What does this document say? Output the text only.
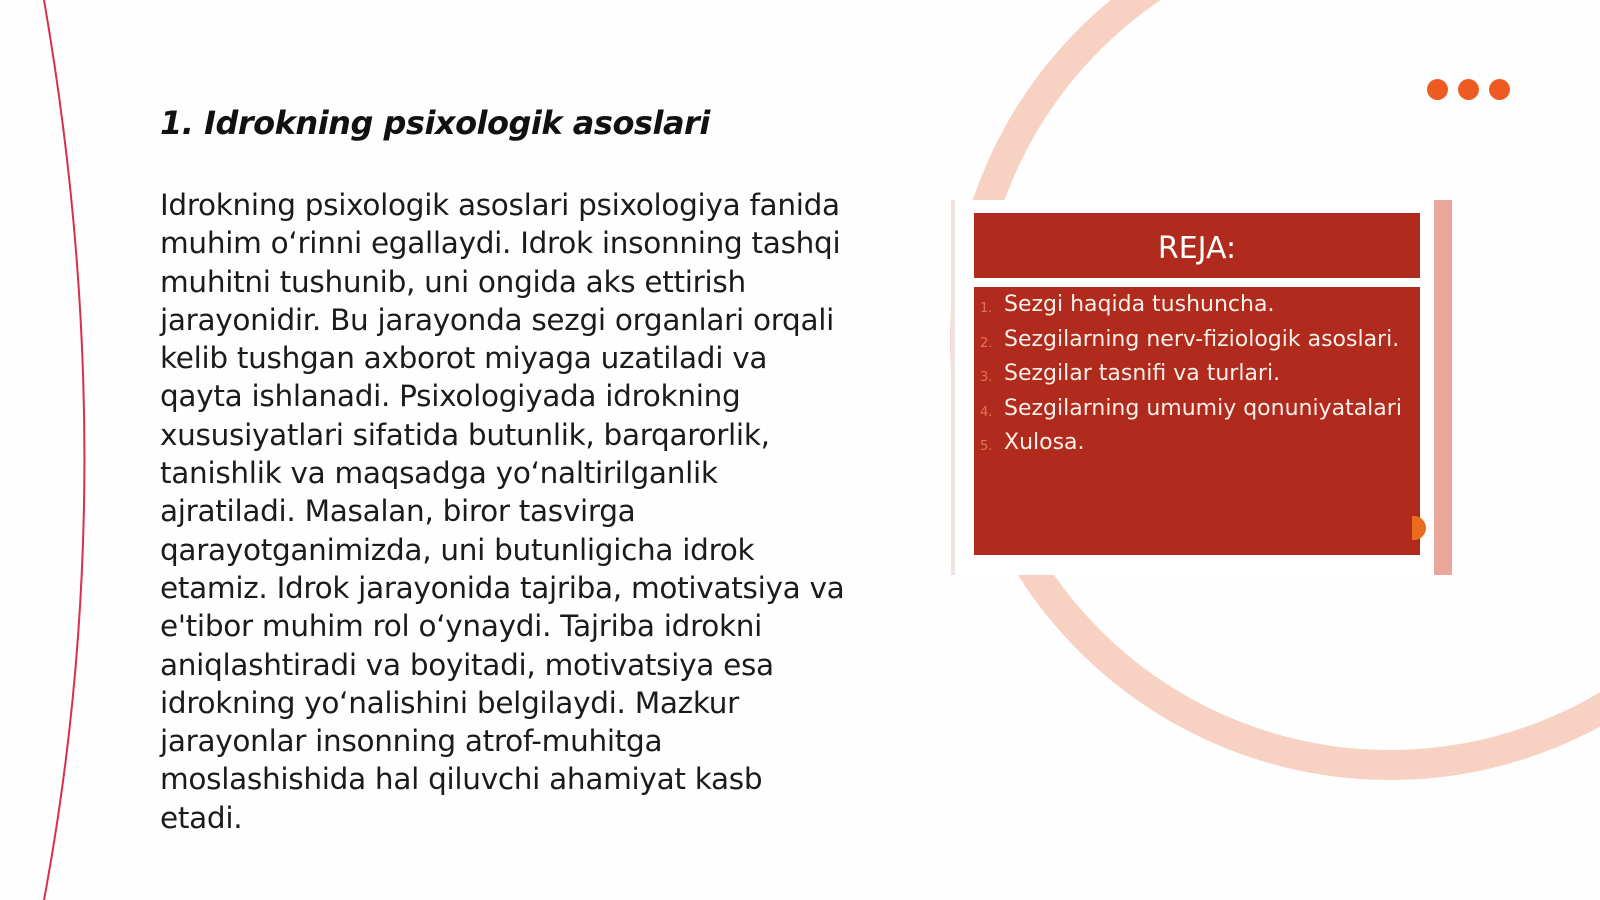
1. Idrokning psixologik asoslari

Idrokning psixologik asoslari psixologiya fanida muhim o‘rinni egallaydi. Idrok insonning tashqi muhitni tushunib, uni ongida aks ettirish jarayonidir. Bu jarayonda sezgi organlari orqali kelib tushgan axborot miyaga uzatiladi va qayta ishlanadi. Psixologiyada idrokning xususiyatlari sifatida butunlik, barqarorlik, tanishlik va maqsadga yo‘naltirilganlik ajratiladi. Masalan, biror tasvirga qarayotganimizda, uni butunligicha idrok etamiz. Idrok jarayonida tajriba, motivatsiya va e'tibor muhim rol o‘ynaydi. Tajriba idrokni aniqlashtiradi va boyitadi, motivatsiya esa idrokning yo‘nalishini belgilaydi. Mazkur jarayonlar insonning atrof-muhitga moslashishida hal qiluvchi ahamiyat kasb etadi.

REJA:
1. Sezgi haqida tushuncha.
2. Sezgilarning nerv-fiziologik asoslari.
3. Sezgilar tasnifi va turlari.
4. Sezgilarning umumiy qonuniyatalari
5. Xulosa.
